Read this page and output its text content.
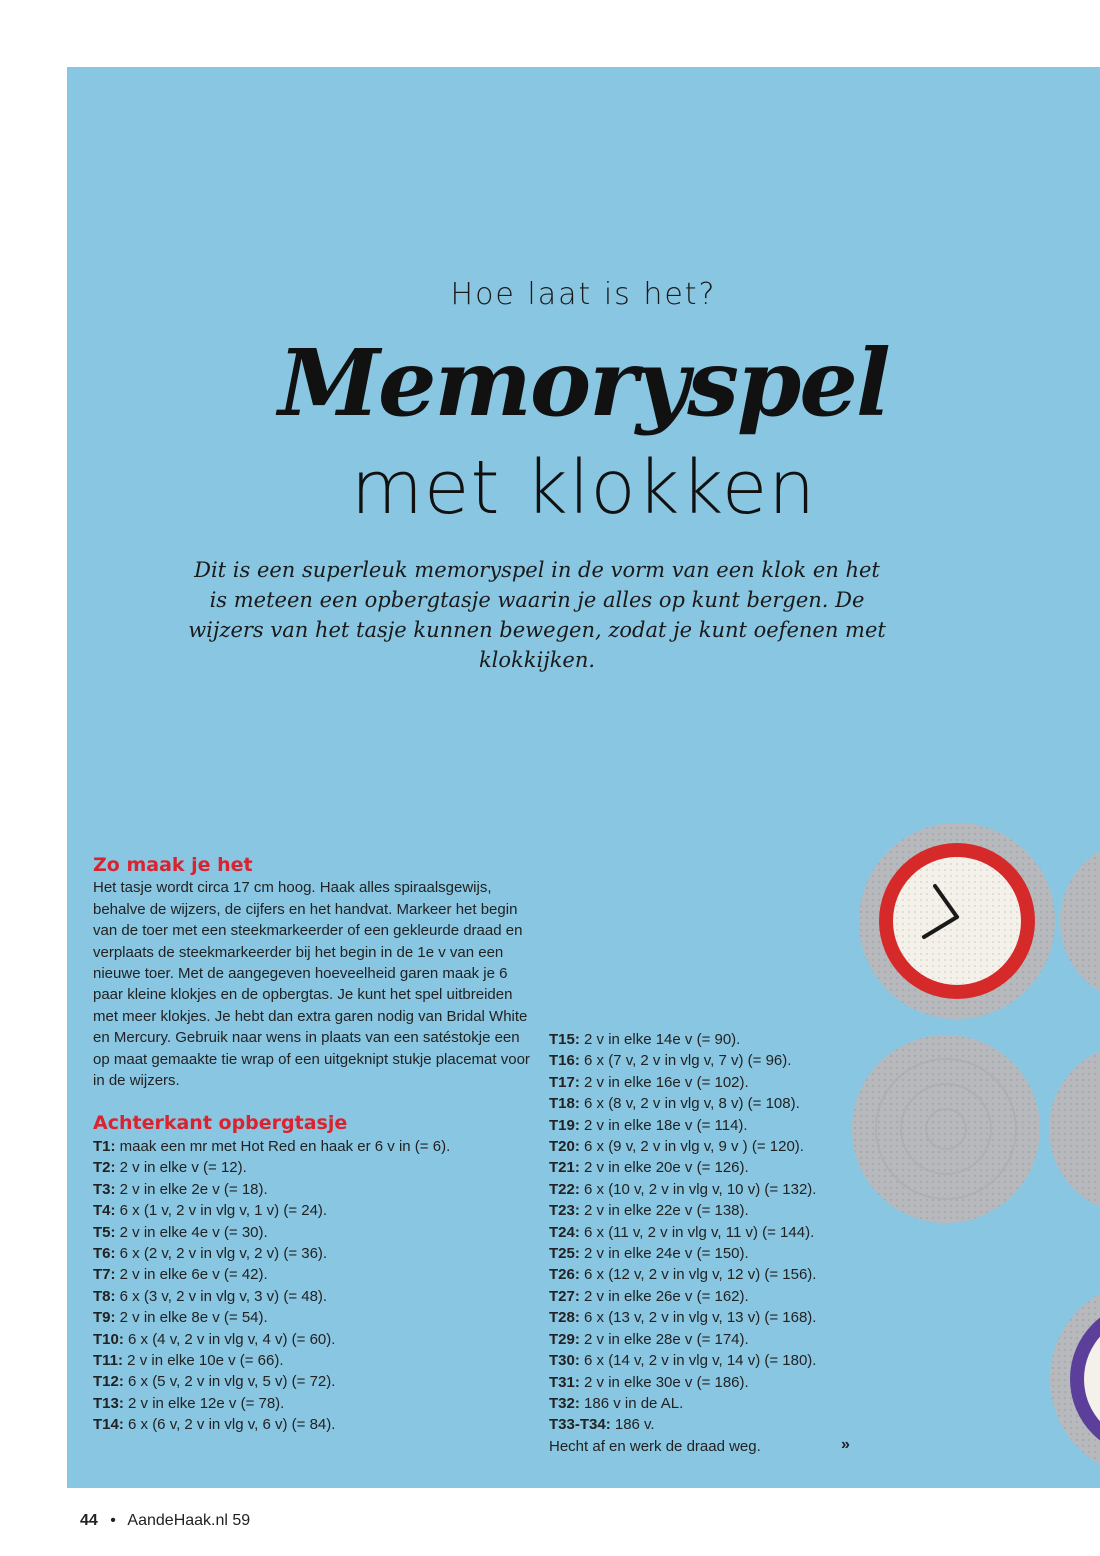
Hoe laat is het?
Memoryspel
met klokken
Dit is een superleuk memoryspel in de vorm van een klok en het is meteen een opbergtasje waarin je alles op kunt bergen. De wijzers van het tasje kunnen bewegen, zodat je kunt oefenen met klokkijken.
Zo maak je het

Het tasje wordt circa 17 cm hoog. Haak alles spiraalsgewijs, behalve de wijzers, de cijfers en het handvat. Markeer het begin van de toer met een steekmarkeerder of een gekleurde draad en verplaats de steekmarkeerder bij het begin in de 1e v van een nieuwe toer. Met de aangegeven hoeveelheid garen maak je 6 paar kleine klokjes en de opbergtas. Je kunt het spel uitbreiden met meer klokjes. Je hebt dan extra garen nodig van Bridal White en Mercury. Gebruik naar wens in plaats van een satéstokje een op maat gemaakte tie wrap of een uitgeknipt stukje placemat voor in de wijzers.

Achterkant opbergtasje
T1: maak een mr met Hot Red en haak er 6 v in (= 6).
T2: 2 v in elke v (= 12).
T3: 2 v in elke 2e v (= 18).
T4: 6 x (1 v, 2 v in vlg v, 1 v) (= 24).
T5: 2 v in elke 4e v (= 30).
T6: 6 x (2 v, 2 v in vlg v, 2 v) (= 36).
T7: 2 v in elke 6e v (= 42).
T8: 6 x (3 v, 2 v in vlg v, 3 v) (= 48).
T9: 2 v in elke 8e v (= 54).
T10: 6 x (4 v, 2 v in vlg v, 4 v) (= 60).
T11: 2 v in elke 10e v (= 66).
T12: 6 x (5 v, 2 v in vlg v, 5 v) (= 72).
T13: 2 v in elke 12e v (= 78).
T14: 6 x (6 v, 2 v in vlg v, 6 v) (= 84).
T15: 2 v in elke 14e v (= 90).
T16: 6 x (7 v, 2 v in vlg v, 7 v) (= 96).
T17: 2 v in elke 16e v (= 102).
T18: 6 x (8 v, 2 v in vlg v, 8 v) (= 108).
T19: 2 v in elke 18e v (= 114).
T20: 6 x (9 v, 2 v in vlg v, 9 v ) (= 120).
T21: 2 v in elke 20e v (= 126).
T22: 6 x (10 v, 2 v in vlg v, 10 v) (= 132).
T23: 2 v in elke 22e v (= 138).
T24: 6 x (11 v, 2 v in vlg v, 11 v) (= 144).
T25: 2 v in elke 24e v (= 150).
T26: 6 x (12 v, 2 v in vlg v, 12 v) (= 156).
T27: 2 v in elke 26e v (= 162).
T28: 6 x (13 v, 2 v in vlg v, 13 v) (= 168).
T29: 2 v in elke 28e v (= 174).
T30: 6 x (14 v, 2 v in vlg v, 14 v) (= 180).
T31: 2 v in elke 30e v (= 186).
T32: 186 v in de AL.
T33-T34: 186 v.
Hecht af en werk de draad weg.	»
44 • AandeHaak.nl 59
